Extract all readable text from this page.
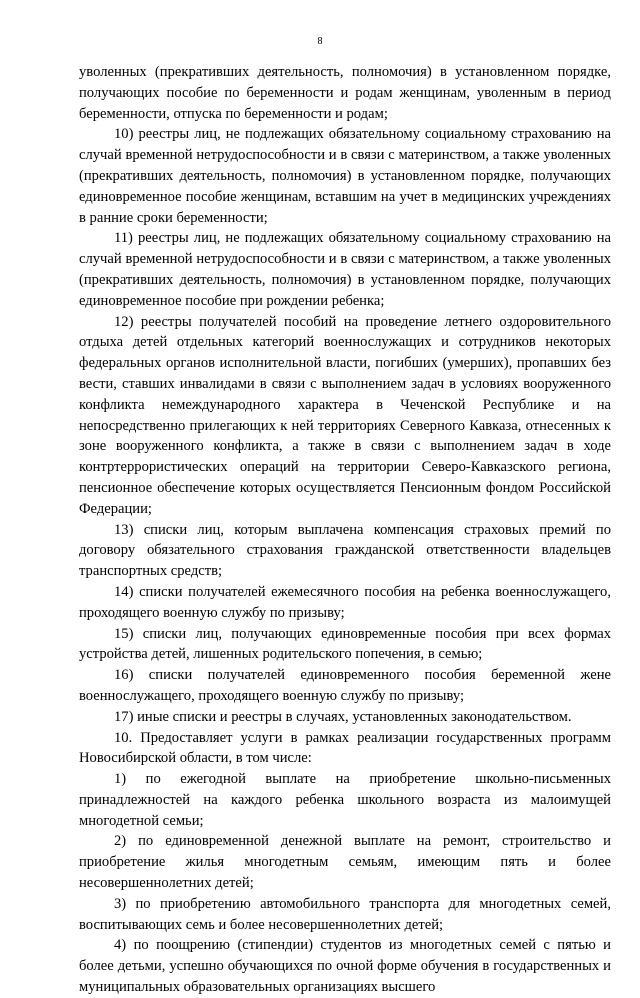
8

уволенных (прекративших деятельность, полномочия) в установленном порядке, получающих пособие по беременности и родам женщинам, уволенным в период беременности, отпуска по беременности и родам;

10) реестры лиц, не подлежащих обязательному социальному страхованию на случай временной нетрудоспособности и в связи с материнством, а также уволенных (прекративших деятельность, полномочия) в установленном порядке, получающих единовременное пособие женщинам, вставшим на учет в медицинских учреждениях в ранние сроки беременности;

11) реестры лиц, не подлежащих обязательному социальному страхованию на случай временной нетрудоспособности и в связи с материнством, а также уволенных (прекративших деятельность, полномочия) в установленном порядке, получающих единовременное пособие при рождении ребенка;

12) реестры получателей пособий на проведение летнего оздоровительного отдыха детей отдельных категорий военнослужащих и сотрудников некоторых федеральных органов исполнительной власти, погибших (умерших), пропавших без вести, ставших инвалидами в связи с выполнением задач в условиях вооруженного конфликта немеждународного характера в Чеченской Республике и на непосредственно прилегающих к ней территориях Северного Кавказа, отнесенных к зоне вооруженного конфликта, а также в связи с выполнением задач в ходе контртеррористических операций на территории Северо-Кавказского региона, пенсионное обеспечение которых осуществляется Пенсионным фондом Российской Федерации;

13) списки лиц, которым выплачена компенсация страховых премий по договору обязательного страхования гражданской ответственности владельцев транспортных средств;

14) списки получателей ежемесячного пособия на ребенка военнослужащего, проходящего военную службу по призыву;

15) списки лиц, получающих единовременные пособия при всех формах устройства детей, лишенных родительского попечения, в семью;

16) списки получателей единовременного пособия беременной жене военнослужащего, проходящего военную службу по призыву;

17) иные списки и реестры в случаях, установленных законодательством.

10. Предоставляет услуги в рамках реализации государственных программ Новосибирской области, в том числе:

1) по ежегодной выплате на приобретение школьно-письменных принадлежностей на каждого ребенка школьного возраста из малоимущей многодетной семьи;

2) по единовременной денежной выплате на ремонт, строительство и приобретение жилья многодетным семьям, имеющим пять и более несовершеннолетних детей;

3) по приобретению автомобильного транспорта для многодетных семей, воспитывающих семь и более несовершеннолетних детей;

4) по поощрению (стипендии) студентов из многодетных семей с пятью и более детьми, успешно обучающихся по очной форме обучения в государственных и муниципальных образовательных организациях высшего
